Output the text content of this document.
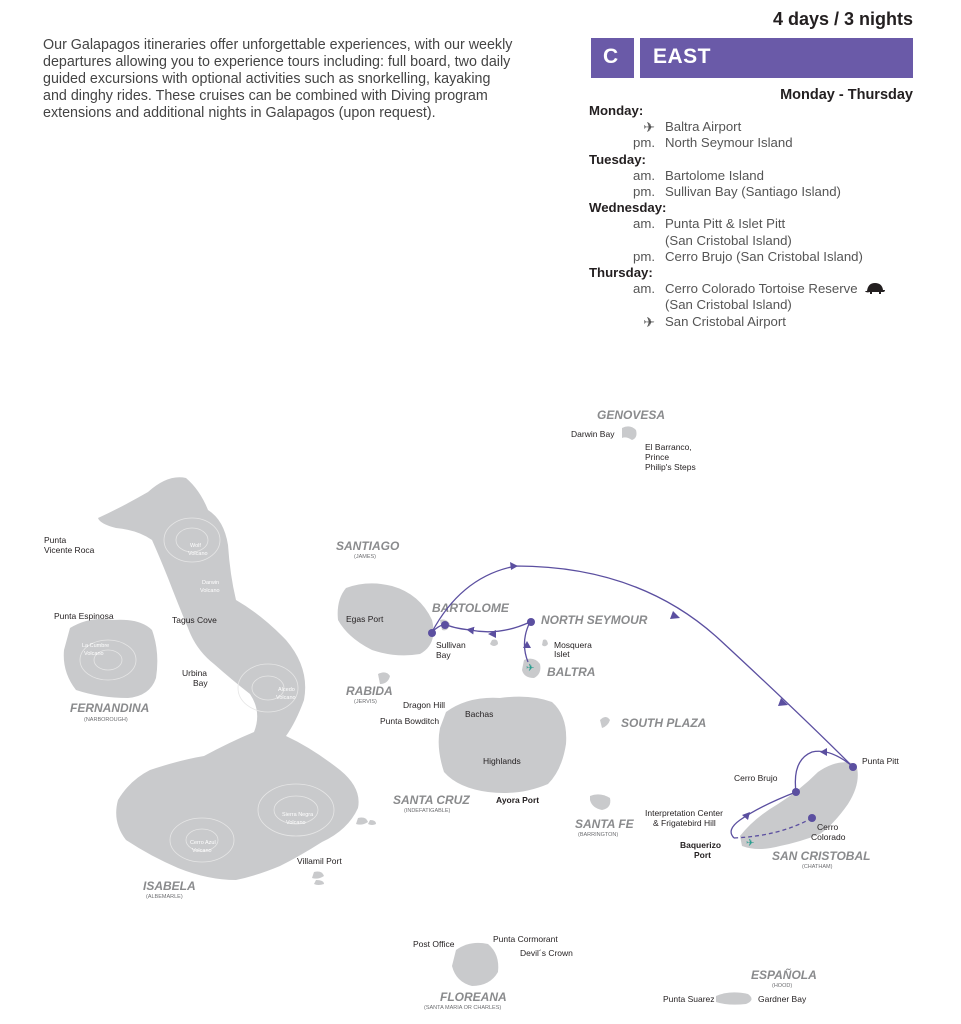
Our Galapagos itineraries offer unforgettable experiences, with our weekly departures allowing you to experience tours including: full board, two daily guided excursions with optional activities such as snorkelling, kayaking and dinghy rides. These cruises can be combined with Diving program extensions and additional nights in Galapagos (upon request).
4 days / 3 nights
C EAST
Monday - Thursday
Monday:
✈ Baltra Airport
pm. North Seymour Island
Tuesday:
am. Bartolome Island
pm. Sullivan Bay (Santiago Island)
Wednesday:
am. Punta Pitt & Islet Pitt
(San Cristobal Island)
pm. Cerro Brujo (San Cristobal Island)
Thursday:
am. Cerro Colorado Tortoise Reserve
(San Cristobal Island)
✈ San Cristobal Airport
GENOVESA
Darwin Bay
El Barranco,
Prince
Philip's Steps
Wolf
Volcano
Darwin
Volcano
Alcedo
Volcano
Sierra Negra
Volcano
Cerro Azul
Volcano
Tagus Cove
Urbina
Bay
Punta
Vicente Roca
ISABELA
(ALBEMARLE)
Villamil Port
La Cumbre
Volcano
Punta Espinosa
FERNANDINA
(NARBOROUGH)
SANTIAGO
(JAMES)
Egas Port
Sullivan
Bay
BARTOLOME
NORTH SEYMOUR
Mosquera
Islet
✈ BALTRA
RABIDA
(JERVIS)
Bachas
Highlands
Dragon Hill
Punta Bowditch
SANTA CRUZ
(INDEFATIGABLE)
Ayora Port
SOUTH PLAZA
SANTA FE
(BARRINGTON)
Punta Pitt
Cerro Brujo
Interpretation Center
& Frigatebird Hill	Cerro
Colorado
Baquerizo
Port
✈
SAN CRISTOBAL
(CHATHAM)
Post Office	Punta Cormorant
Devil´s Crown
FLOREANA
(SANTA MARIA OR CHARLES)
ESPAÑOLA
(HOOD)
Punta Suarez	Gardner Bay
